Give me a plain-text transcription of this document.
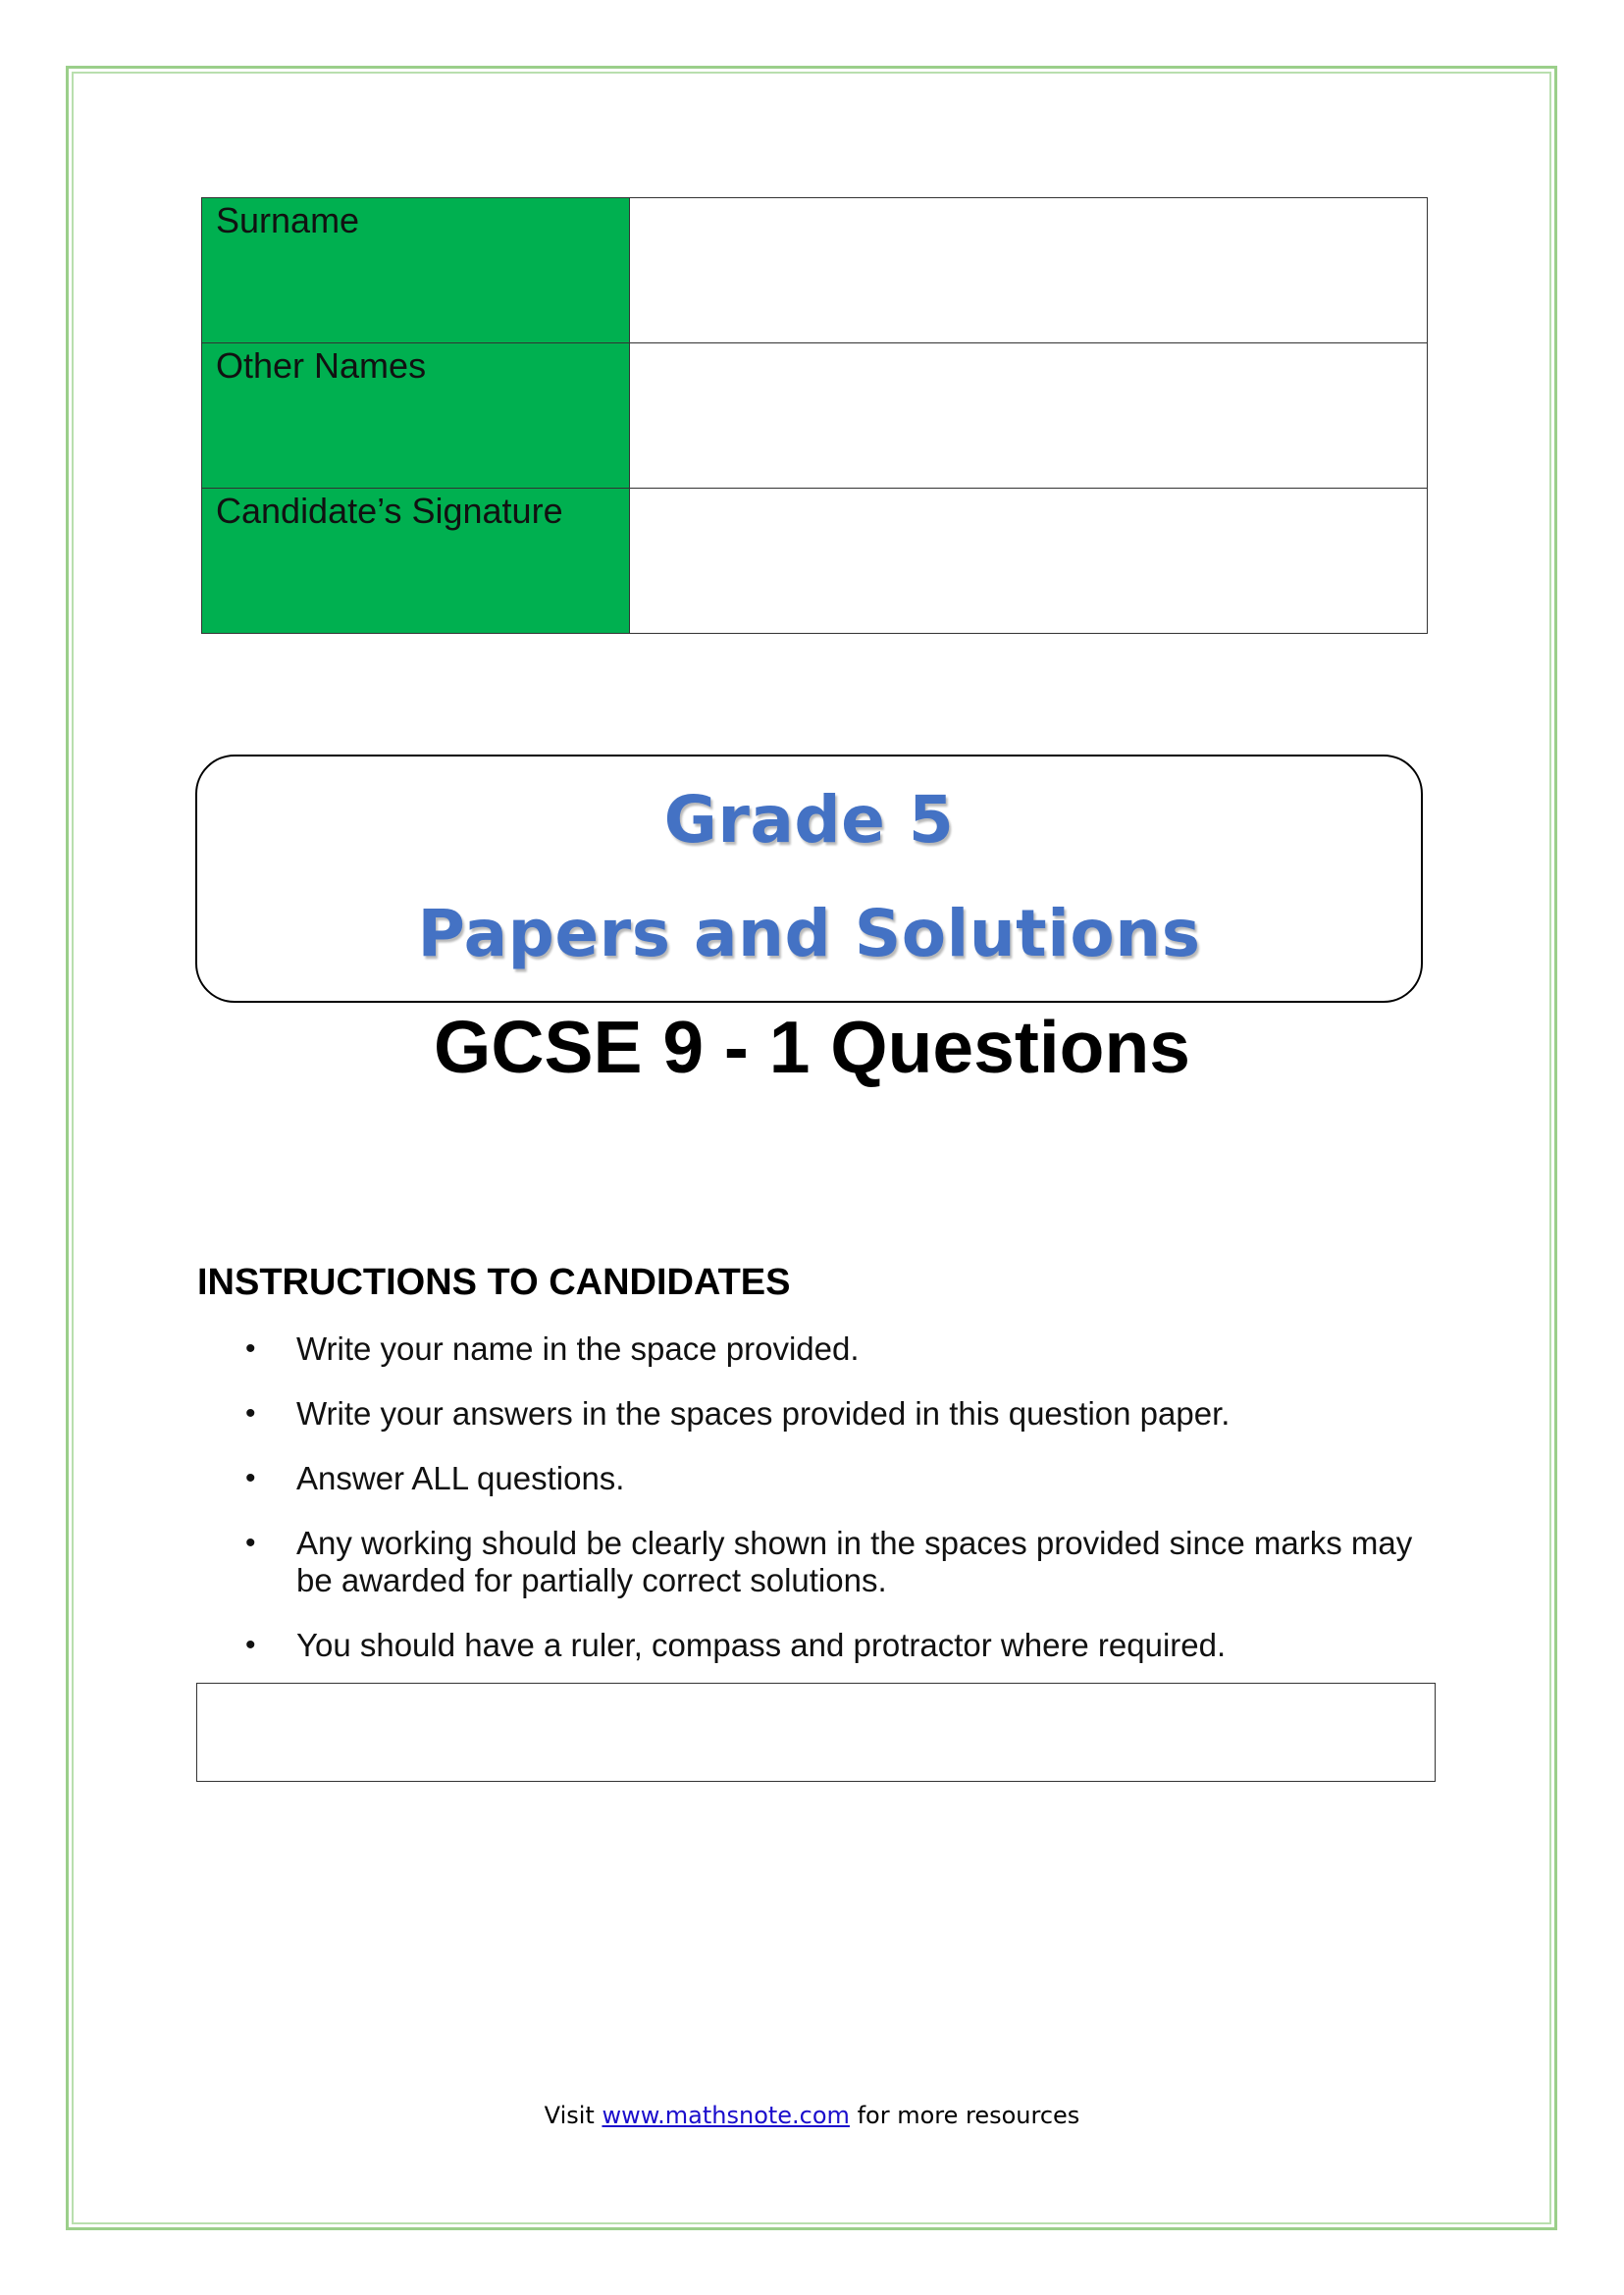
Surname	
Other Names	
Candidate’s Signature	
Grade 5
Papers and Solutions
GCSE 9 - 1 Questions
INSTRUCTIONS TO CANDIDATES
• Write your name in the space provided.
• Write your answers in the spaces provided in this question paper.
• Answer ALL questions.
• Any working should be clearly shown in the spaces provided since marks may be awarded for partially correct solutions.
• You should have a ruler, compass and protractor where required.
Visit www.mathsnote.com for more resources
